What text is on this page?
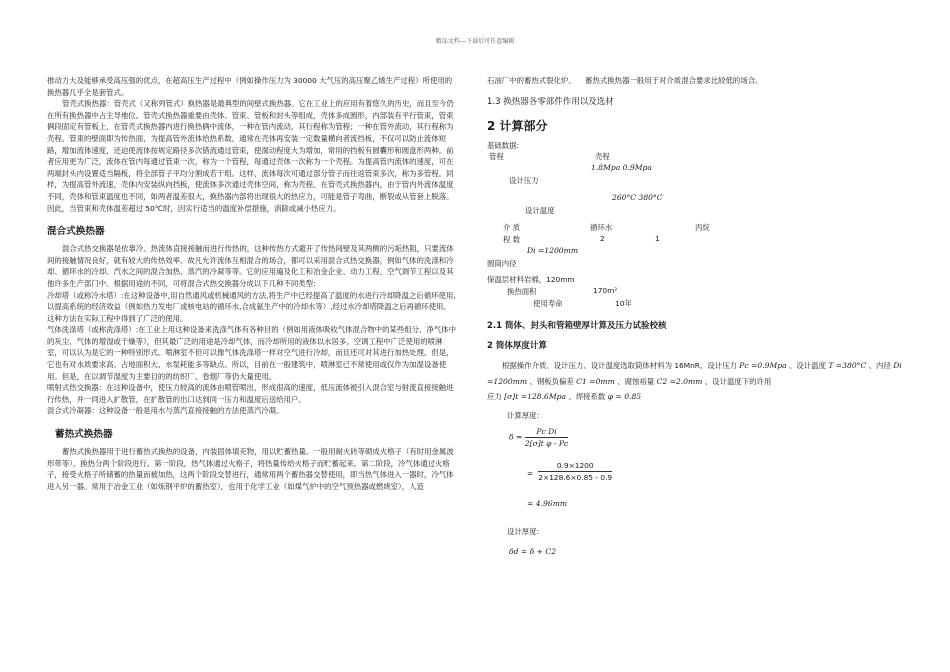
精品文档---下载后可任意编辑

推动力大及能够承受高压强的优点，在超高压生产过程中（例如操作压力为 30000 大气压的高压聚乙烯生产过程）所使用的换热器几乎全是套管式。

管壳式换热器：管壳式（又称列管式）换热器是最典型的间壁式换热器。它在工业上的应用有着悠久的历史，而且至今仍在所有换热器中占主导地位。管壳式换热器重要由壳体、管束、管板和封头等组成，壳体多成圆形，内部装有平行管束，管束俩段固定有管板上，在管壳式换热器内进行换热俩中流体，一种在管内流动，其行程称为管程；一种在管外流动，其行程称为壳程。管束的壁面即为传热面，为提高管外流体给热系数，通常在壳体再安装一定数量横向者流挡板，不仅可以防止流体短路，增加流体速度，还迫使流体按规定路径多次错流通过管束，使湍动程度大为增加，常用的挡板有圆囊形和圆盘形两种，前者应用更为广泛，流体在管内每通过管束一次，称为一个管程，每通过壳体一次称为一个壳程。为提高管内流体的速度，可在两端封头内设置适当隔板，将全部管子平均分割成若干组。这样，流体每次可通过部分管子而往返管束多次，称为多管程。同样，为提高管外流速，壳体内安装纵向挡板，使流体多次通过壳体空间，称为壳程。在管壳式换热器内，由于管内外流体温度不同，壳体和管束温度也不同，如两者温差很大，换热器内部将出现很大的热应力，可能是管子弯曲，断裂或从管套上脱落。因此，当管束和壳体温差超过 50℃时，因实行适当的温度补偿措施，消除或减小热应力。

混合式换热器

混合式热交换器是依靠冷、热流体直接接触而进行传热的，这种传热方式避开了传热间壁及其两侧的污垢热阻，只要流体间的接触情况良好，就有较大的传热效率。故凡允许流体互相混合的场合，都可以采用混合式热交换器，例如气体的洗涤和冷却、循环水的冷却、汽水之间的混合加热、蒸汽的冷凝等等。它的应用遍及化工和冶金企业、动力工程、空气调节工程以及其他许多生产部门中。根据用途的不同，可将混合式热交换器分成以下几种不同类型:

冷却塔（或称冷水塔）:在这种设备中,用自然通风或机械通风的方法,将生产中已经提高了温度的水进行冷却降温之后循环使用,以提高系统的经济效益（例如热力发电厂或核电站的循环水,合成氨生产中的冷却水等）,经过水冷却塔降温之后再循环使用。这种方法在实际工程中得到了广泛的使用。

气体洗涤塔（或称洗涤塔）:在工业上用这种设备来洗涤气体有各种目的（例如用液体吸收气体混合物中的某些组分、净气体中的灰尘、气体的增湿或干燥等），但其最广泛的用途是冷却气体，而冷却所用的液体以水居多。空调工程中广泛使用的喷淋室，可以认为是它的一种特别形式。喷淋室不但可以像气体洗涤塔一样对空气进行冷却，而且还可对其进行加热处理。但是，它也有对水质要求高、占地面积大、水泵耗能多等缺点。所以，目前在一般建筑中，喷淋室已不常使用或仅作为加湿设备使用。但是，在以调节湿度为主要目的的纺织厂、卷烟厂等仍大量使用。

喷射式热交换器：在这种设备中，使压力较高的流体由喷管喷出，形成很高的速度，低压流体被引入混合室与射流直接接触进行传热，并一同进入扩散管，在扩散管的出口达到同一压力和温度后送给用户。

混合式冷凝器：这种设备一般是用水与蒸汽直接接触的方法使蒸汽冷凝。

蓄热式换热器

蓄热式换热器用于进行蓄热式换热的设备，内装固体填充物，用以贮蓄热量。一般用耐火砖等砌成火格子（有时用金属波形带等）。换热分两个阶段进行。第一阶段，热气体通过火格子，将热量传给火格子而贮蓄起来。第二阶段，冷气体通过火格子，接受火格子所储蓄的热量而被加热，这两个阶段交替进行，通常用两个蓄热器交替使用，即当热气体进入一器时，冷气体进入另一器。常用于冶金工业（如炼钢平炉的蓄热室），也用于化学工业（如煤气炉中的空气预热器或燃烧室），人造

石油厂中的蓄热式裂化炉。 蓄热式换热器一般用于对介质混合要求比较低的场合。

1.3 换热器各零部件作用以及选材
2 计算部分

基础数据:

管程	壳程
1.8Mpa 0.9Mpa
设计压力
260°C 380°C
设计温度
介 质	循环水	丙烷
程 数	2	1
Di =1200mm
圆筒内径

保温层材料岩棉，120mm

换热面积	170m²
使用寿命	10年
2.1 筒体、封头和管箱壁厚计算及压力试验校核
2 筒体厚度计算

根据操作介质、设计压力、设计温度选取筒体材料为 16MnR。设计压力 Pc =0.9Mpa 、设计温度 T =380°C 、内径 Di =1200mm 、钢板负偏差 C1 =0mm 、腐蚀裕量 C2 =2.0mm 、设计温度下的许用

应力 [σ]t =128.6Mpa 、焊接系数 φ = 0.85

计算厚度:

$\delta = \frac{\text{Pc Di}}{\text{2[σ]t φ - Pc}}$
= $\frac{0.9\times 1200}{2\times 128.6\times 0.85 - 0.9}$
= 4.96mm

设计厚度:

δd = δ + C2
